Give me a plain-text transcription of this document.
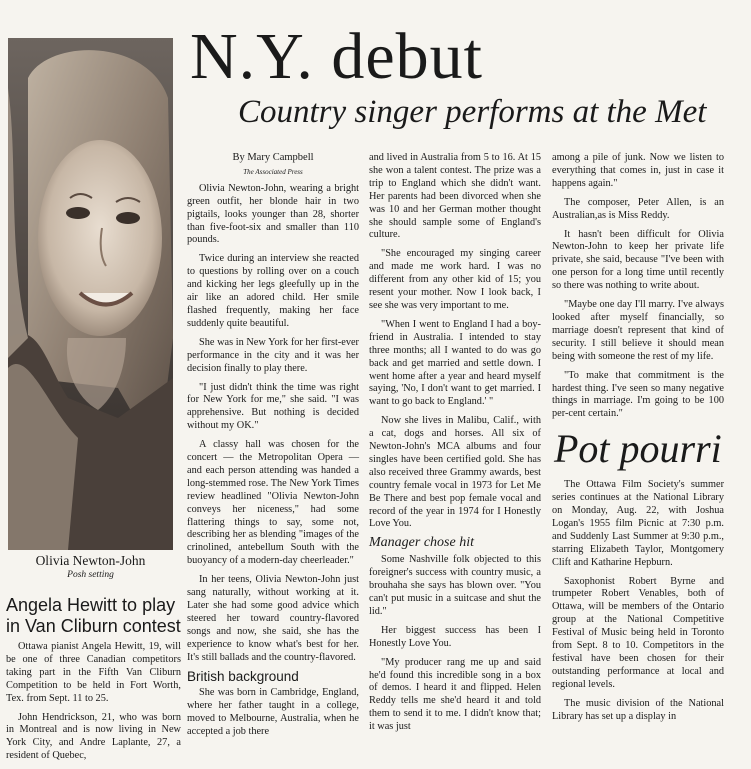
N.Y. debut
Country singer performs at the Met
Olivia Newton-John
Posh setting
Angela Hewitt to play in Van Cliburn contest

Ottawa pianist Angela Hewitt, 19, will be one of three Canadian competitors taking part in the Fifth Van Cliburn Competition to be held in Fort Worth, Tex. from Sept. 11 to 25.

John Hendrickson, 21, who was born in Montreal and is now living in New York City, and Andre Laplante, 27, a resident of Quebec,

By Mary Campbell
The Associated Press

Olivia Newton-John, wearing a bright green outfit, her blonde hair in two pigtails, looks younger than 28, shorter than five-foot-six and smaller than 110 pounds.

Twice during an interview she reacted to questions by rolling over on a couch and kicking her legs gleefully up in the air like an adored child. Her smile flashed frequently, making her face suddenly quite beautiful.

She was in New York for her first-ever performance in the city and it was her decision finally to play there.

"I just didn't think the time was right for New York for me," she said. "I was apprehensive. But nothing is decided without my OK."

A classy hall was chosen for the concert — the Metropolitan Opera — and each person attending was handed a long-stemmed rose. The New York Times review headlined "Olivia Newton-John conveys her niceness," had some flattering things to say, some not, describing her as blending "images of the crinolined, antebellum South with the buoyancy of a modern-day cheerleader."

In her teens, Olivia Newton-John just sang naturally, without working at it. Later she had some good advice which steered her toward country-flavored songs and now, she said, she has the experience to know what's best for her. It's still ballads and the country-flavored.

British background

She was born in Cambridge, England, where her father taught in a college, moved to Melbourne, Australia, when he accepted a job there

and lived in Australia from 5 to 16. At 15 she won a talent contest. The prize was a trip to England which she didn't want. Her parents had been divorced when she was 10 and her German mother thought she should sample some of England's culture.

"She encouraged my singing career and made me work hard. I was no different from any other kid of 15; you resent your mother. Now I look back, I see she was very important to me.

"When I went to England I had a boy-friend in Australia. I intended to stay three months; all I wanted to do was go back and get married and settle down. I went home after a year and heard myself saying, 'No, I don't want to get married. I want to go back to England.' "

Now she lives in Malibu, Calif., with a cat, dogs and horses. All six of Newton-John's MCA albums and four singles have been certified gold. She has also received three Grammy awards, best country female vocal in 1973 for Let Me Be There and best pop female vocal and record of the year in 1974 for I Honestly Love You.

Manager chose hit

Some Nashville folk objected to this foreigner's success with country music, a brouhaha she says has blown over. "You can't put music in a suitcase and shut the lid."

Her biggest success has been I Honestly Love You.

"My producer rang me up and said he'd found this incredible song in a box of demos. I heard it and flipped. Helen Reddy tells me she'd heard it and told them to send it to me. I didn't know that; it was just

among a pile of junk. Now we listen to everything that comes in, just in case it happens again."

The composer, Peter Allen, is an Australian,as is Miss Reddy.

It hasn't been difficult for Olivia Newton-John to keep her private life private, she said, because "I've been with one person for a long time until recently so there was nothing to write about.

"Maybe one day I'll marry. I've always looked after myself financially, so marriage doesn't represent that kind of security. I still believe it should mean being with someone the rest of my life.

"To make that commitment is the hardest thing. I've seen so many negative things in marriage. I'm going to be 100 per-cent certain."

Pot pourri

The Ottawa Film Society's summer series continues at the National Library on Monday, Aug. 22, with Joshua Logan's 1955 film Picnic at 7:30 p.m. and Suddenly Last Summer at 9:30 p.m., starring Elizabeth Taylor, Montgomery Clift and Katharine Hepburn.

Saxophonist Robert Byrne and trumpeter Robert Venables, both of Ottawa, will be members of the Ontario group at the National Competitive Festival of Music being held in Toronto from Sept. 8 to 10. Competitors in the festival have been chosen for their outstanding performance at local and regional levels.

The music division of the National Library has set up a display in
